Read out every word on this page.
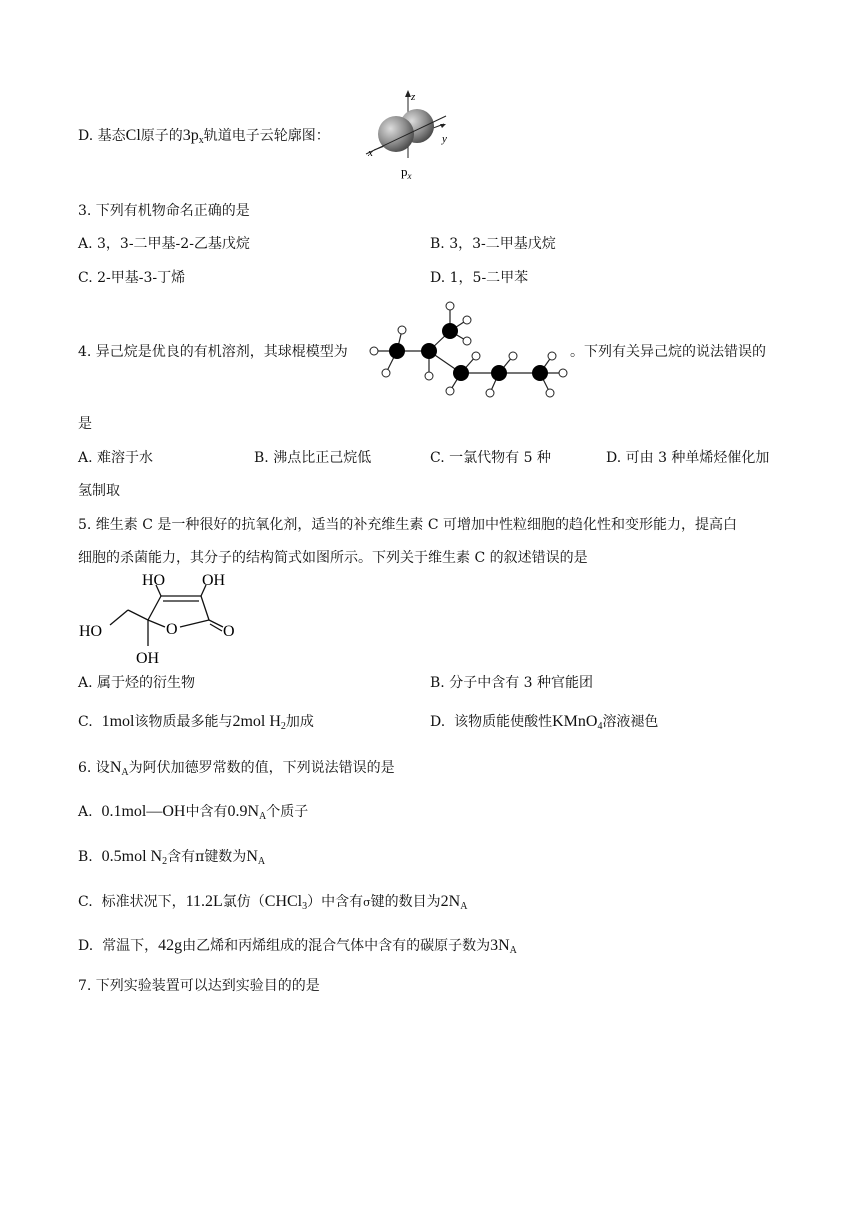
D. 基态Cl原子的$3p_x$轨道电子云轮廓图：
z
y
x
$p_x$
3. 下列有机物命名正确的是
A. 3，3-二甲基-2-乙基戊烷	B. 3，3-二甲基戊烷
C. 2-甲基-3-丁烯	D. 1，5-二甲苯
4. 异己烷是优良的有机溶剂，其球棍模型为	。下列有关异己烷的说法错误的
是
A. 难溶于水	B. 沸点比正己烷低	C. 一氯代物有 5 种	D. 可由 3 种单烯烃催化加
氢制取
5. 维生素 C 是一种很好的抗氧化剂，适当的补充维生素 C 可增加中性粒细胞的趋化性和变形能力，提高白
细胞的杀菌能力，其分子的结构简式如图所示。下列关于维生素 C 的叙述错误的是
HO OH
HO	O	O
OH
A. 属于烃的衍生物	B. 分子中含有 3 种官能团
C. 1mol该物质最多能与2mol $H_2$加成	D. 该物质能使酸性KMnO$_4$溶液褪色
6. 设$N_A$为阿伏加德罗常数的值，下列说法错误的是
A. 0.1mol—OH中含有$0.9N_A$个质子
B. 0.5mol $N_2$含有π键数为$N_A$
C. 标准状况下，11.2L氯仿（CHCl$_3$）中含有σ键的数目为$2N_A$
D. 常温下，42g由乙烯和丙烯组成的混合气体中含有的碳原子数为$3N_A$
7. 下列实验装置可以达到实验目的的是
